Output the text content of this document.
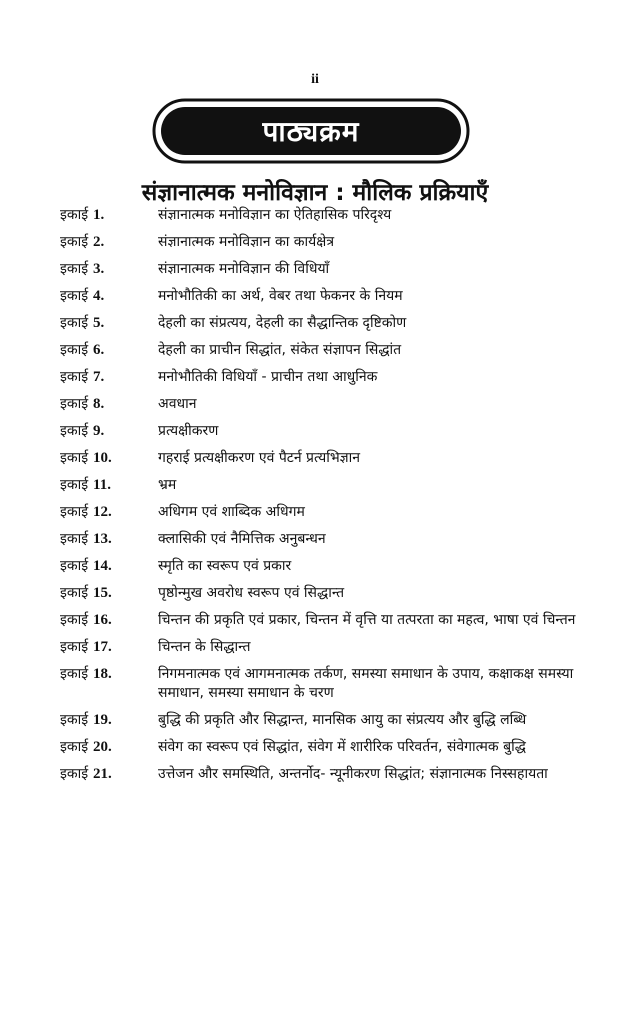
ii
पाठ्यक्रम
संज्ञानात्मक मनोविज्ञान : मौलिक प्रक्रियाएँ
इकाई 1.	संज्ञानात्मक मनोविज्ञान का ऐतिहासिक परिदृश्य
इकाई 2.	संज्ञानात्मक मनोविज्ञान का कार्यक्षेत्र
इकाई 3.	संज्ञानात्मक मनोविज्ञान की विधियाँ
इकाई 4.	मनोभौतिकी का अर्थ, वेबर तथा फेकनर के नियम
इकाई 5.	देहली का संप्रत्यय, देहली का सैद्धान्तिक दृष्टिकोण
इकाई 6.	देहली का प्राचीन सिद्धांत, संकेत संज्ञापन सिद्धांत
इकाई 7.	मनोभौतिकी विधियाँ - प्राचीन तथा आधुनिक
इकाई 8.	अवधान
इकाई 9.	प्रत्यक्षीकरण
इकाई 10.	गहराई प्रत्यक्षीकरण एवं पैटर्न प्रत्यभिज्ञान
इकाई 11.	भ्रम
इकाई 12.	अधिगम एवं शाब्दिक अधिगम
इकाई 13.	क्लासिकी एवं नैमित्तिक अनुबन्धन
इकाई 14.	स्मृति का स्वरूप एवं प्रकार
इकाई 15.	पृष्ठोन्मुख अवरोध स्वरूप एवं सिद्धान्त
इकाई 16.	चिन्तन की प्रकृति एवं प्रकार, चिन्तन में वृत्ति या तत्परता का महत्व, भाषा एवं चिन्तन
इकाई 17.	चिन्तन के सिद्धान्त
इकाई 18.	निगमनात्मक एवं आगमनात्मक तर्कण, समस्या समाधान के उपाय, कक्षाकक्ष समस्या समाधान, समस्या समाधान के चरण
इकाई 19.	बुद्धि की प्रकृति और सिद्धान्त, मानसिक आयु का संप्रत्यय और बुद्धि लब्धि
इकाई 20.	संवेग का स्वरूप एवं सिद्धांत, संवेग में शारीरिक परिवर्तन, संवेगात्मक बुद्धि
इकाई 21.	उत्तेजन और समस्थिति, अन्तर्नोद- न्यूनीकरण सिद्धांत; संज्ञानात्मक निस्सहायता
